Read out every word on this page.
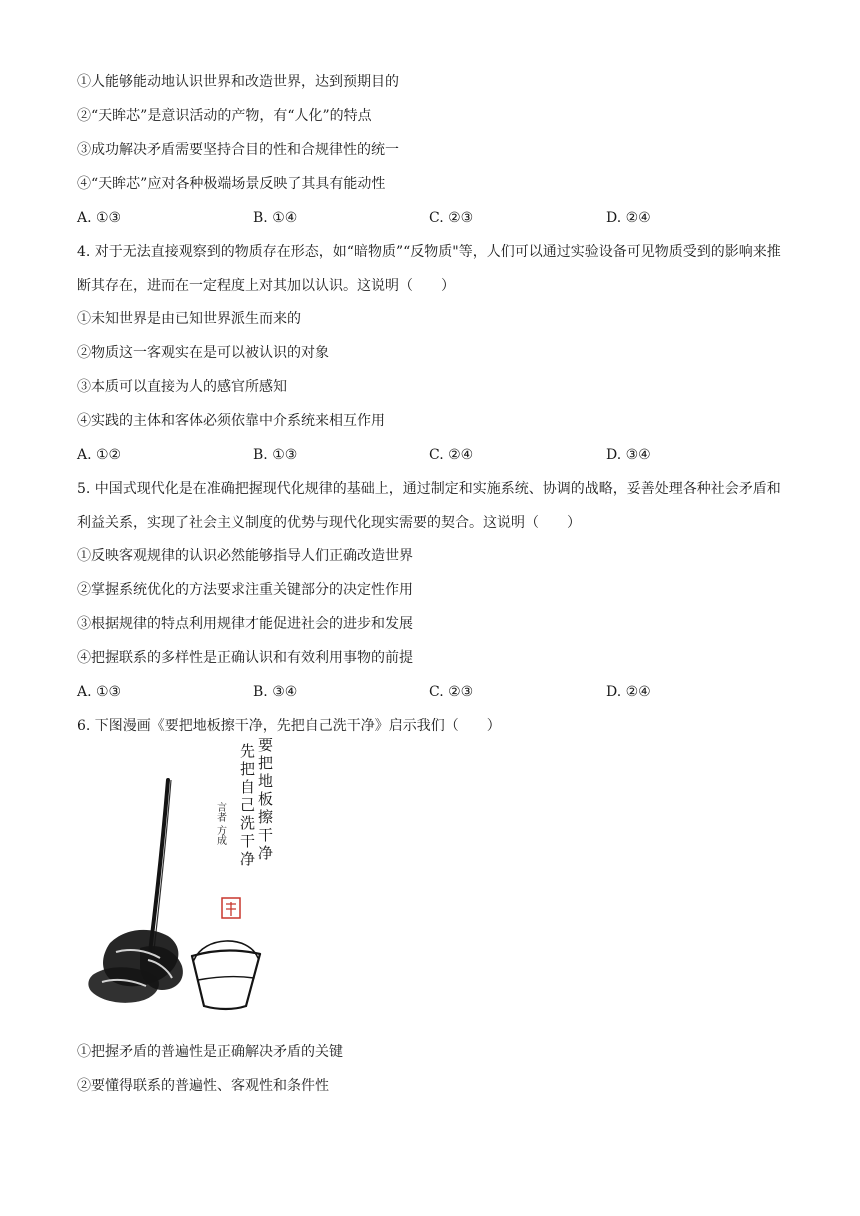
①人能够能动地认识世界和改造世界，达到预期目的
②“天眸芯”是意识活动的产物，有“人化”的特点
③成功解决矛盾需要坚持合目的性和合规律性的统一
④“天眸芯”应对各种极端场景反映了其具有能动性
A. ①③	B. ①④	C. ②③	D. ②④
4. 对于无法直接观察到的物质存在形态，如“暗物质”“反物质"等，人们可以通过实验设备可见物质受到的影响来推断其存在，进而在一定程度上对其加以认识。这说明（　　）
①未知世界是由已知世界派生而来的
②物质这一客观实在是可以被认识的对象
③本质可以直接为人的感官所感知
④实践的主体和客体必须依靠中介系统来相互作用
A. ①②	B. ①③	C. ②④	D. ③④
5. 中国式现代化是在准确把握现代化规律的基础上，通过制定和实施系统、协调的战略，妥善处理各种社会矛盾和利益关系，实现了社会主义制度的优势与现代化现实需要的契合。这说明（　　）
①反映客观规律的认识必然能够指导人们正确改造世界
②掌握系统优化的方法要求注重关键部分的决定性作用
③根据规律的特点利用规律才能促进社会的进步和发展
④把握联系的多样性是正确认识和有效利用事物的前提
A. ①③	B. ③④	C. ②③	D. ②④
6. 下图漫画《要把地板擦干净，先把自己洗干净》启示我们（　　）
要把地板擦干净
先把自己洗干净
言者 方成
①把握矛盾的普遍性是正确解决矛盾的关键
②要懂得联系的普遍性、客观性和条件性
